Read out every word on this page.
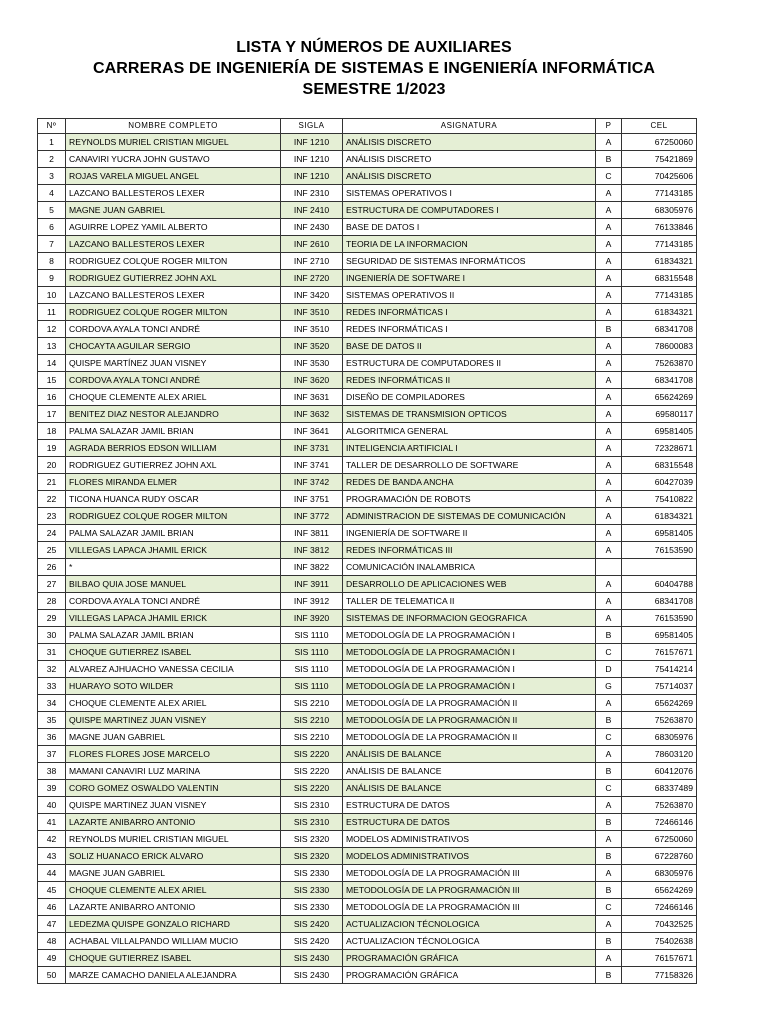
LISTA Y NÚMEROS DE AUXILIARES
CARRERAS DE INGENIERÍA DE SISTEMAS E INGENIERÍA INFORMÁTICA
SEMESTRE 1/2023
Nº	NOMBRE COMPLETO	SIGLA	ASIGNATURA	P	CEL
1	REYNOLDS MURIEL CRISTIAN MIGUEL	INF 1210	ANÁLISIS DISCRETO	A	67250060
2	CANAVIRI YUCRA JOHN GUSTAVO	INF 1210	ANÁLISIS DISCRETO	B	75421869
3	ROJAS VARELA MIGUEL ANGEL	INF 1210	ANÁLISIS DISCRETO	C	70425606
4	LAZCANO BALLESTEROS LEXER	INF 2310	SISTEMAS OPERATIVOS I	A	77143185
5	MAGNE JUAN GABRIEL	INF 2410	ESTRUCTURA DE COMPUTADORES I	A	68305976
6	AGUIRRE LOPEZ YAMIL ALBERTO	INF 2430	BASE DE DATOS I	A	76133846
7	LAZCANO BALLESTEROS LEXER	INF 2610	TEORIA DE LA INFORMACION	A	77143185
8	RODRIGUEZ COLQUE ROGER MILTON	INF 2710	SEGURIDAD DE SISTEMAS INFORMÁTICOS	A	61834321
9	RODRIGUEZ GUTIERREZ JOHN AXL	INF 2720	INGENIERÍA DE SOFTWARE I	A	68315548
10	LAZCANO BALLESTEROS LEXER	INF 3420	SISTEMAS OPERATIVOS II	A	77143185
11	RODRIGUEZ COLQUE ROGER MILTON	INF 3510	REDES INFORMÁTICAS I	A	61834321
12	CORDOVA AYALA TONCI ANDRÉ	INF 3510	REDES INFORMÁTICAS I	B	68341708
13	CHOCAYTA AGUILAR SERGIO	INF 3520	BASE DE DATOS II	A	78600083
14	QUISPE MARTÍNEZ JUAN VISNEY	INF 3530	ESTRUCTURA DE COMPUTADORES II	A	75263870
15	CORDOVA AYALA TONCI ANDRÉ	INF 3620	REDES INFORMÁTICAS II	A	68341708
16	CHOQUE CLEMENTE ALEX ARIEL	INF 3631	DISEÑO DE COMPILADORES	A	65624269
17	BENITEZ DIAZ NESTOR ALEJANDRO	INF 3632	SISTEMAS DE TRANSMISION OPTICOS	A	69580117
18	PALMA SALAZAR JAMIL BRIAN	INF 3641	ALGORITMICA GENERAL	A	69581405
19	AGRADA BERRIOS EDSON WILLIAM	INF 3731	INTELIGENCIA ARTIFICIAL I	A	72328671
20	RODRIGUEZ GUTIERREZ JOHN AXL	INF 3741	TALLER DE DESARROLLO DE SOFTWARE	A	68315548
21	FLORES MIRANDA ELMER	INF 3742	REDES DE BANDA ANCHA	A	60427039
22	TICONA HUANCA RUDY OSCAR	INF 3751	PROGRAMACIÓN DE ROBOTS	A	75410822
23	RODRIGUEZ COLQUE ROGER MILTON	INF 3772	ADMINISTRACION DE SISTEMAS DE COMUNICACIÓN	A	61834321
24	PALMA SALAZAR JAMIL BRIAN	INF 3811	INGENIERÍA DE SOFTWARE II	A	69581405
25	VILLEGAS LAPACA JHAMIL ERICK	INF 3812	REDES INFORMÁTICAS III	A	76153590
26	*	INF 3822	COMUNICACIÓN INALAMBRICA		
27	BILBAO QUIA JOSE MANUEL	INF 3911	DESARROLLO DE APLICACIONES WEB	A	60404788
28	CORDOVA AYALA TONCI ANDRÉ	INF 3912	TALLER DE TELEMATICA II	A	68341708
29	VILLEGAS LAPACA JHAMIL ERICK	INF 3920	SISTEMAS DE INFORMACION GEOGRAFICA	A	76153590
30	PALMA SALAZAR JAMIL BRIAN	SIS 1110	METODOLOGÍA DE LA PROGRAMACIÓN I	B	69581405
31	CHOQUE GUTIERREZ ISABEL	SIS 1110	METODOLOGÍA DE LA PROGRAMACIÓN I	C	76157671
32	ALVAREZ AJHUACHO VANESSA CECILIA	SIS 1110	METODOLOGÍA DE LA PROGRAMACIÓN I	D	75414214
33	HUARAYO SOTO WILDER	SIS 1110	METODOLOGÍA DE LA PROGRAMACIÓN I	G	75714037
34	CHOQUE CLEMENTE ALEX ARIEL	SIS 2210	METODOLOGÍA DE LA PROGRAMACIÓN II	A	65624269
35	QUISPE MARTINEZ JUAN VISNEY	SIS 2210	METODOLOGÍA DE LA PROGRAMACIÓN II	B	75263870
36	MAGNE JUAN GABRIEL	SIS 2210	METODOLOGÍA DE LA PROGRAMACIÓN II	C	68305976
37	FLORES FLORES JOSE MARCELO	SIS 2220	ANÁLISIS DE BALANCE	A	78603120
38	MAMANI CANAVIRI LUZ MARINA	SIS 2220	ANÁLISIS DE BALANCE	B	60412076
39	CORO GOMEZ OSWALDO VALENTIN	SIS 2220	ANÁLISIS DE BALANCE	C	68337489
40	QUISPE MARTINEZ JUAN VISNEY	SIS 2310	ESTRUCTURA DE DATOS	A	75263870
41	LAZARTE ANIBARRO ANTONIO	SIS 2310	ESTRUCTURA DE DATOS	B	72466146
42	REYNOLDS MURIEL CRISTIAN MIGUEL	SIS 2320	MODELOS ADMINISTRATIVOS	A	67250060
43	SOLIZ HUANACO ERICK ALVARO	SIS 2320	MODELOS ADMINISTRATIVOS	B	67228760
44	MAGNE JUAN GABRIEL	SIS 2330	METODOLOGÍA DE LA PROGRAMACIÓN III	A	68305976
45	CHOQUE CLEMENTE ALEX ARIEL	SIS 2330	METODOLOGÍA DE LA PROGRAMACIÓN III	B	65624269
46	LAZARTE ANIBARRO ANTONIO	SIS 2330	METODOLOGÍA DE LA PROGRAMACIÓN III	C	72466146
47	LEDEZMA QUISPE GONZALO RICHARD	SIS 2420	ACTUALIZACION TÉCNOLOGICA	A	70432525
48	ACHABAL VILLALPANDO WILLIAM MUCIO	SIS 2420	ACTUALIZACION TÉCNOLOGICA	B	75402638
49	CHOQUE GUTIERREZ ISABEL	SIS 2430	PROGRAMACIÓN GRÁFICA	A	76157671
50	MARZE CAMACHO DANIELA ALEJANDRA	SIS 2430	PROGRAMACIÓN GRÁFICA	B	77158326
